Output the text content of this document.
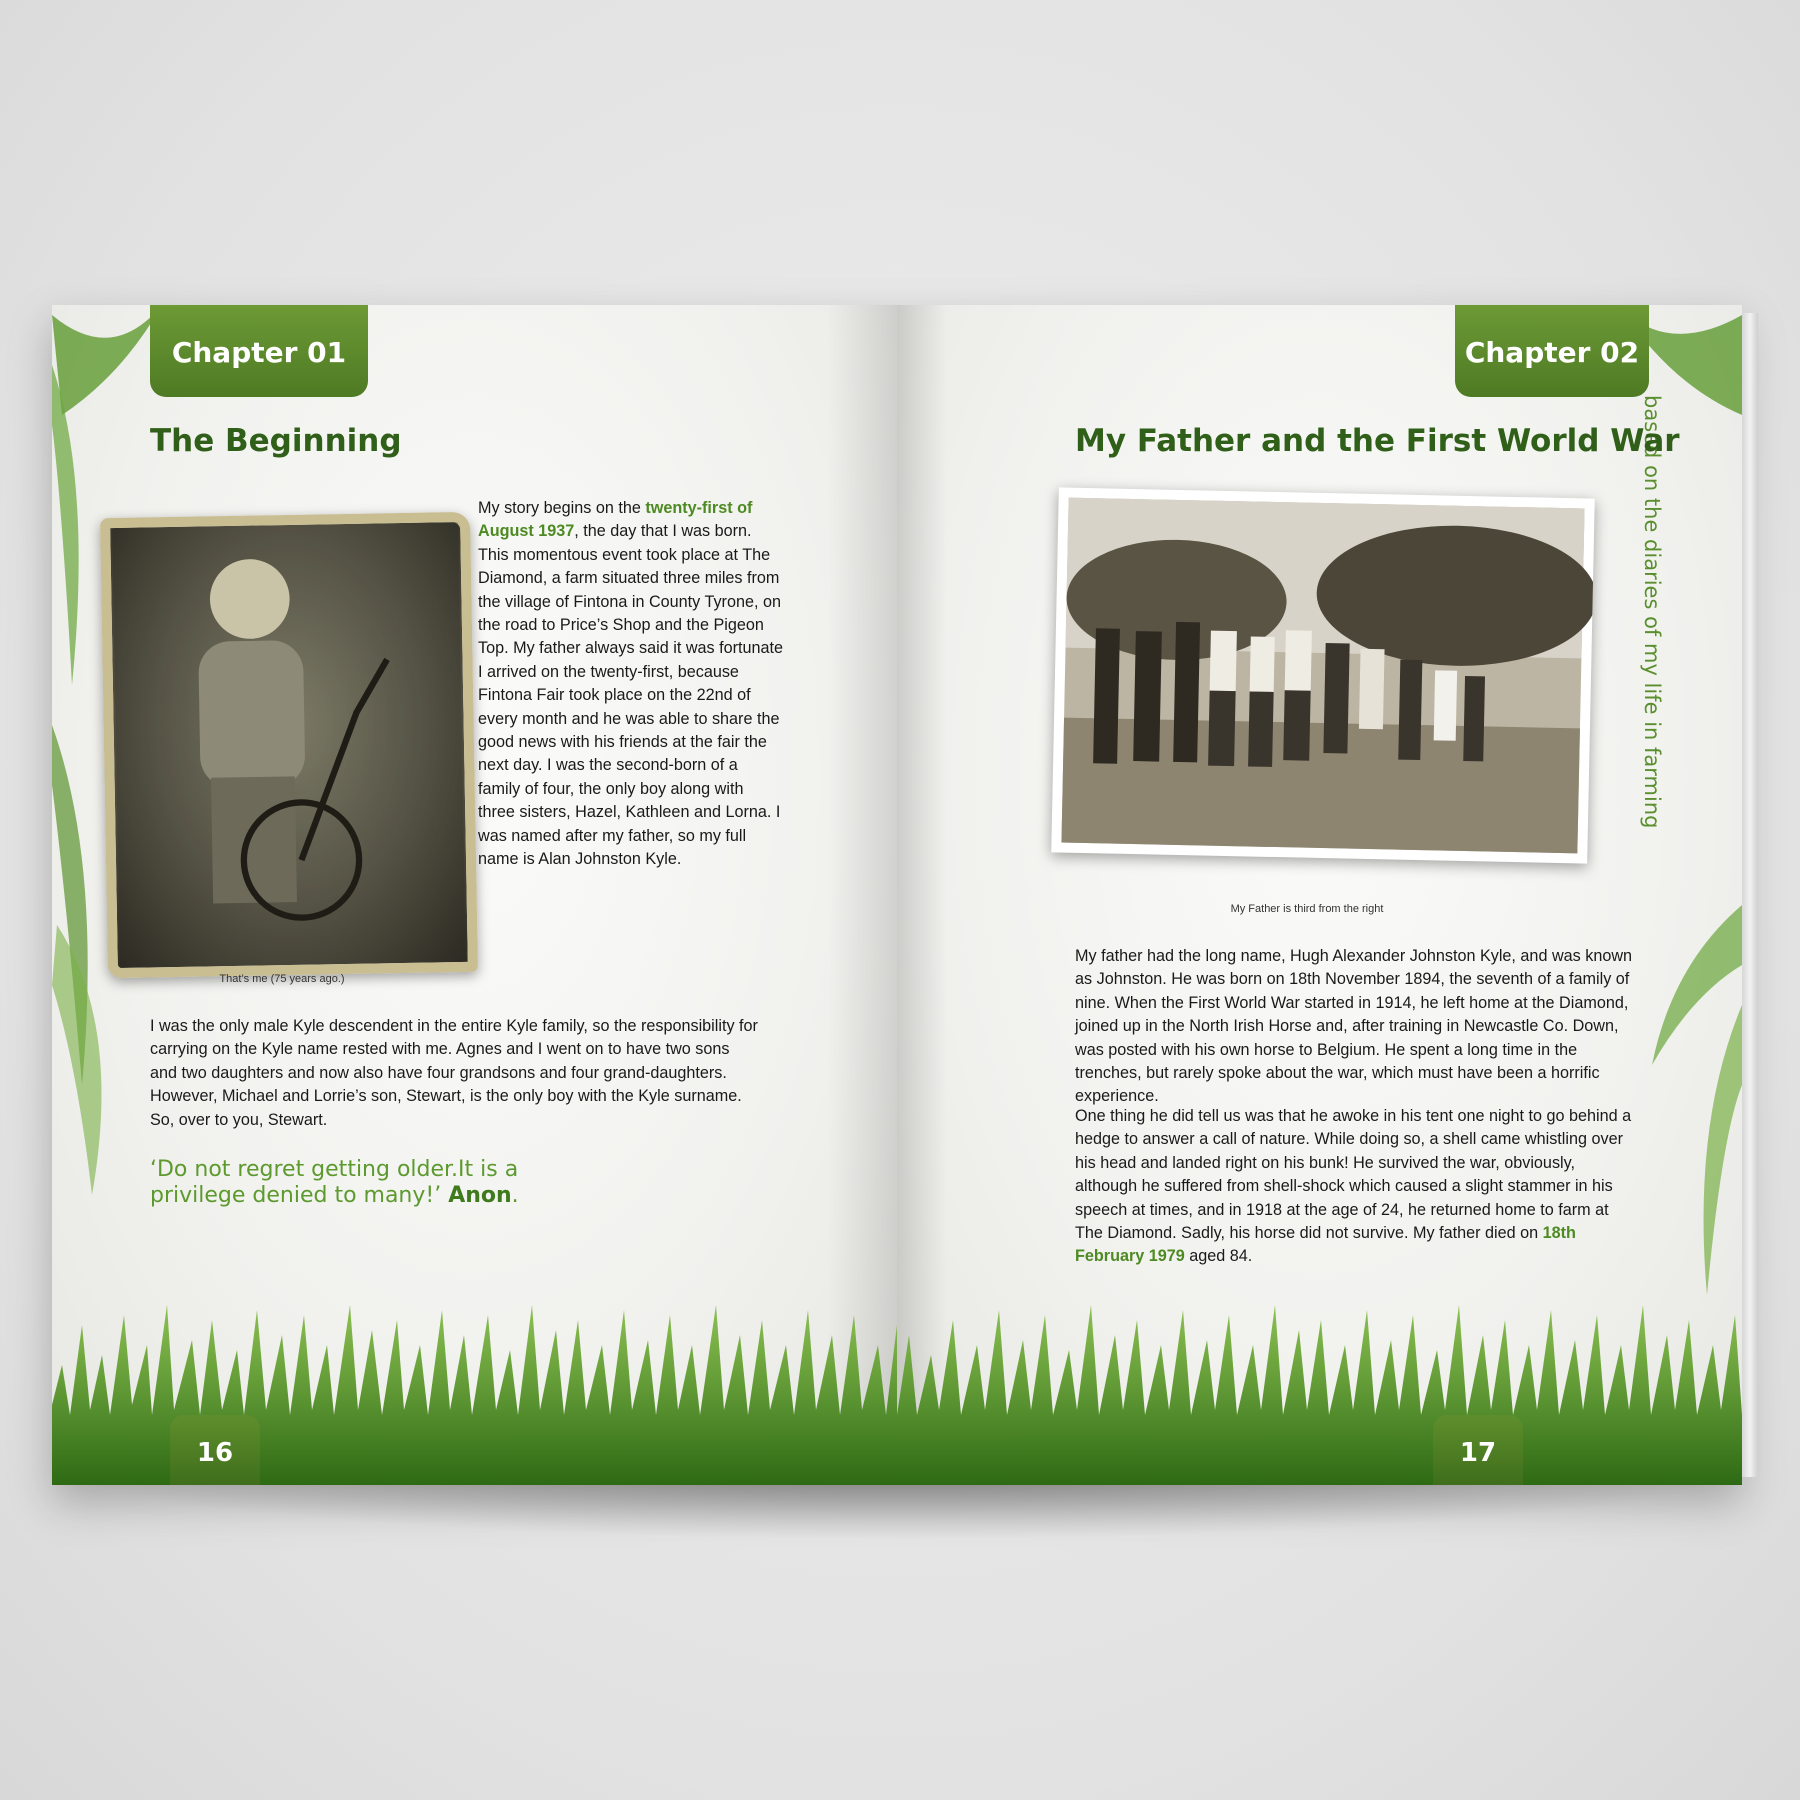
Chapter 01
The Beginning

That’s me (75 years ago.)

My story begins on the twenty-first of August 1937, the day that I was born. This momentous event took place at The Diamond, a farm situated three miles from the village of Fintona in County Tyrone, on the road to Price’s Shop and the Pigeon Top. My father always said it was fortunate I arrived on the twenty-first, because Fintona Fair took place on the 22nd of every month and he was able to share the good news with his friends at the fair the next day. I was the second-born of a family of four, the only boy along with three sisters, Hazel, Kathleen and Lorna. I was named after my father, so my full name is Alan Johnston Kyle.

I was the only male Kyle descendent in the entire Kyle family, so the responsibility for carrying on the Kyle name rested with me. Agnes and I went on to have two sons and two daughters and now also have four grandsons and four grand-daughters. However, Michael and Lorrie’s son, Stewart, is the only boy with the Kyle surname. So, over to you, Stewart.

‘Do not regret getting older.It is a privilege denied to many!’ Anon.

16
Chapter 02
based on the diaries of my life in farming
My Father and the First World War

My Father is third from the right

My father had the long name, Hugh Alexander Johnston Kyle, and was known as Johnston. He was born on 18th November 1894, the seventh of a family of nine. When the First World War started in 1914, he left home at the Diamond, joined up in the North Irish Horse and, after training in Newcastle Co. Down, was posted with his own horse to Belgium. He spent a long time in the trenches, but rarely spoke about the war, which must have been a horrific experience.

One thing he did tell us was that he awoke in his tent one night to go behind a hedge to answer a call of nature. While doing so, a shell came whistling over his head and landed right on his bunk! He survived the war, obviously, although he suffered from shell-shock which caused a slight stammer in his speech at times, and in 1918 at the age of 24, he returned home to farm at The Diamond. Sadly, his horse did not survive. My father died on 18th February 1979 aged 84.

17
